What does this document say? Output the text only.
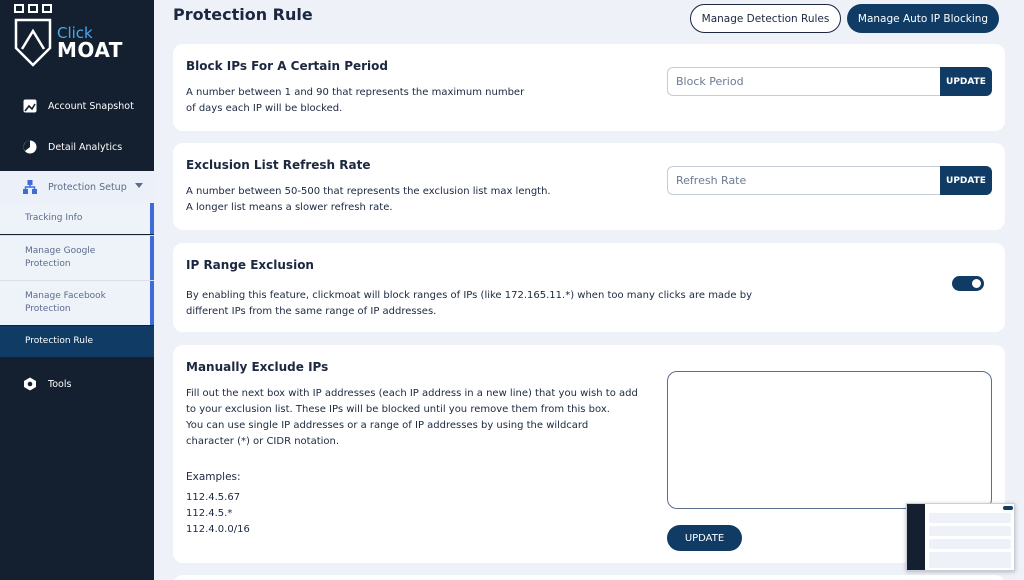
Click
MOAT
Account Snapshot
Detail Analytics
Protection Setup
Tracking Info
Manage Google Protection
Manage Facebook Protection
Protection Rule
Tools
Protection Rule	Manage Detection Rules	Manage Auto IP Blocking
Block IPs For A Certain Period
A number between 1 and 90 that represents the maximum number
of days each IP will be blocked.
Block Period
UPDATE
Exclusion List Refresh Rate
A number between 50-500 that represents the exclusion list max length.
A longer list means a slower refresh rate.
Refresh Rate
UPDATE
IP Range Exclusion
By enabling this feature, clickmoat will block ranges of IPs (like 172.165.11.*) when too many clicks are made by
different IPs from the same range of IP addresses.
Manually Exclude IPs
Fill out the next box with IP addresses (each IP address in a new line) that you wish to add
to your exclusion list. These IPs will be blocked until you remove them from this box.
You can use single IP addresses or a range of IP addresses by using the wildcard
character (*) or CIDR notation.
Examples:
112.4.5.67
112.4.5.*
112.4.0.0/16
UPDATE
